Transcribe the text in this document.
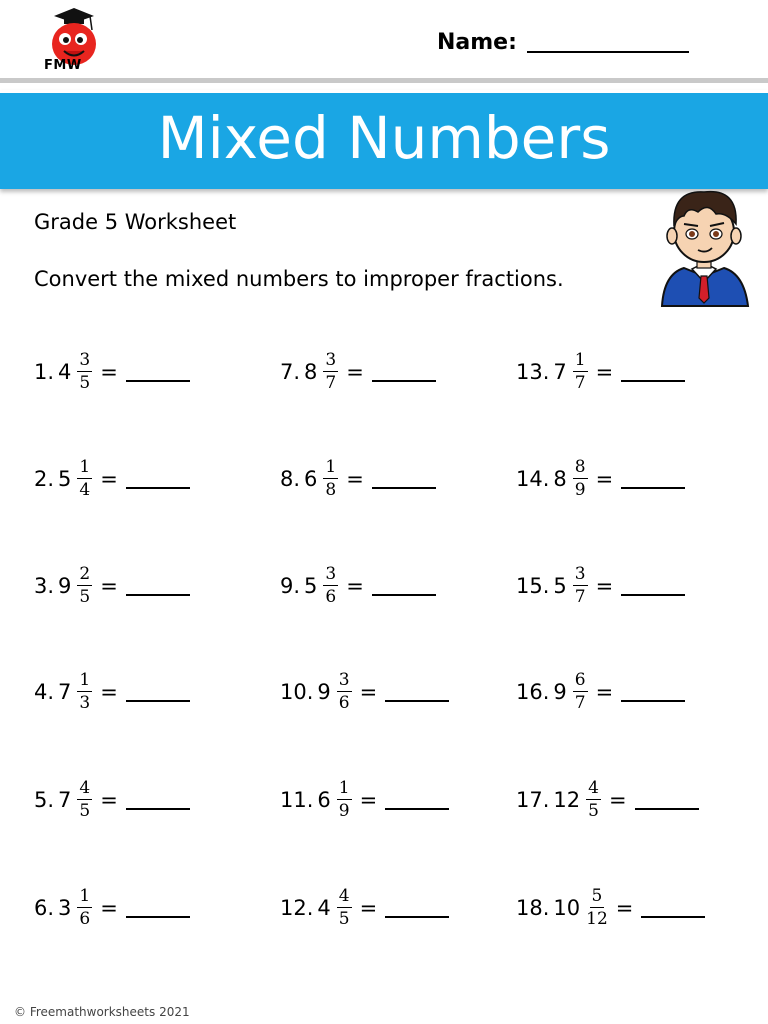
FMW
Name:
Mixed Numbers
Grade 5 Worksheet
Convert the mixed numbers to improper fractions.
1. $4 \frac{3}{5}$ =
2. $5 \frac{1}{4}$ =
3. $9 \frac{2}{5}$ =
4. $7 \frac{1}{3}$ =
5. $7 \frac{4}{5}$ =
6. $3 \frac{1}{6}$ =
7. $8 \frac{3}{7}$ =
8. $6 \frac{1}{8}$ =
9. $5 \frac{3}{6}$ =
10. $9 \frac{3}{6}$ =
11. $6 \frac{1}{9}$ =
12. $4 \frac{4}{5}$ =
13. $7 \frac{1}{7}$ =
14. $8 \frac{8}{9}$ =
15. $5 \frac{3}{7}$ =
16. $9 \frac{6}{7}$ =
17. $12 \frac{4}{5}$ =
18. $10 \frac{5}{12}$ =
© Freemathworksheets 2021
